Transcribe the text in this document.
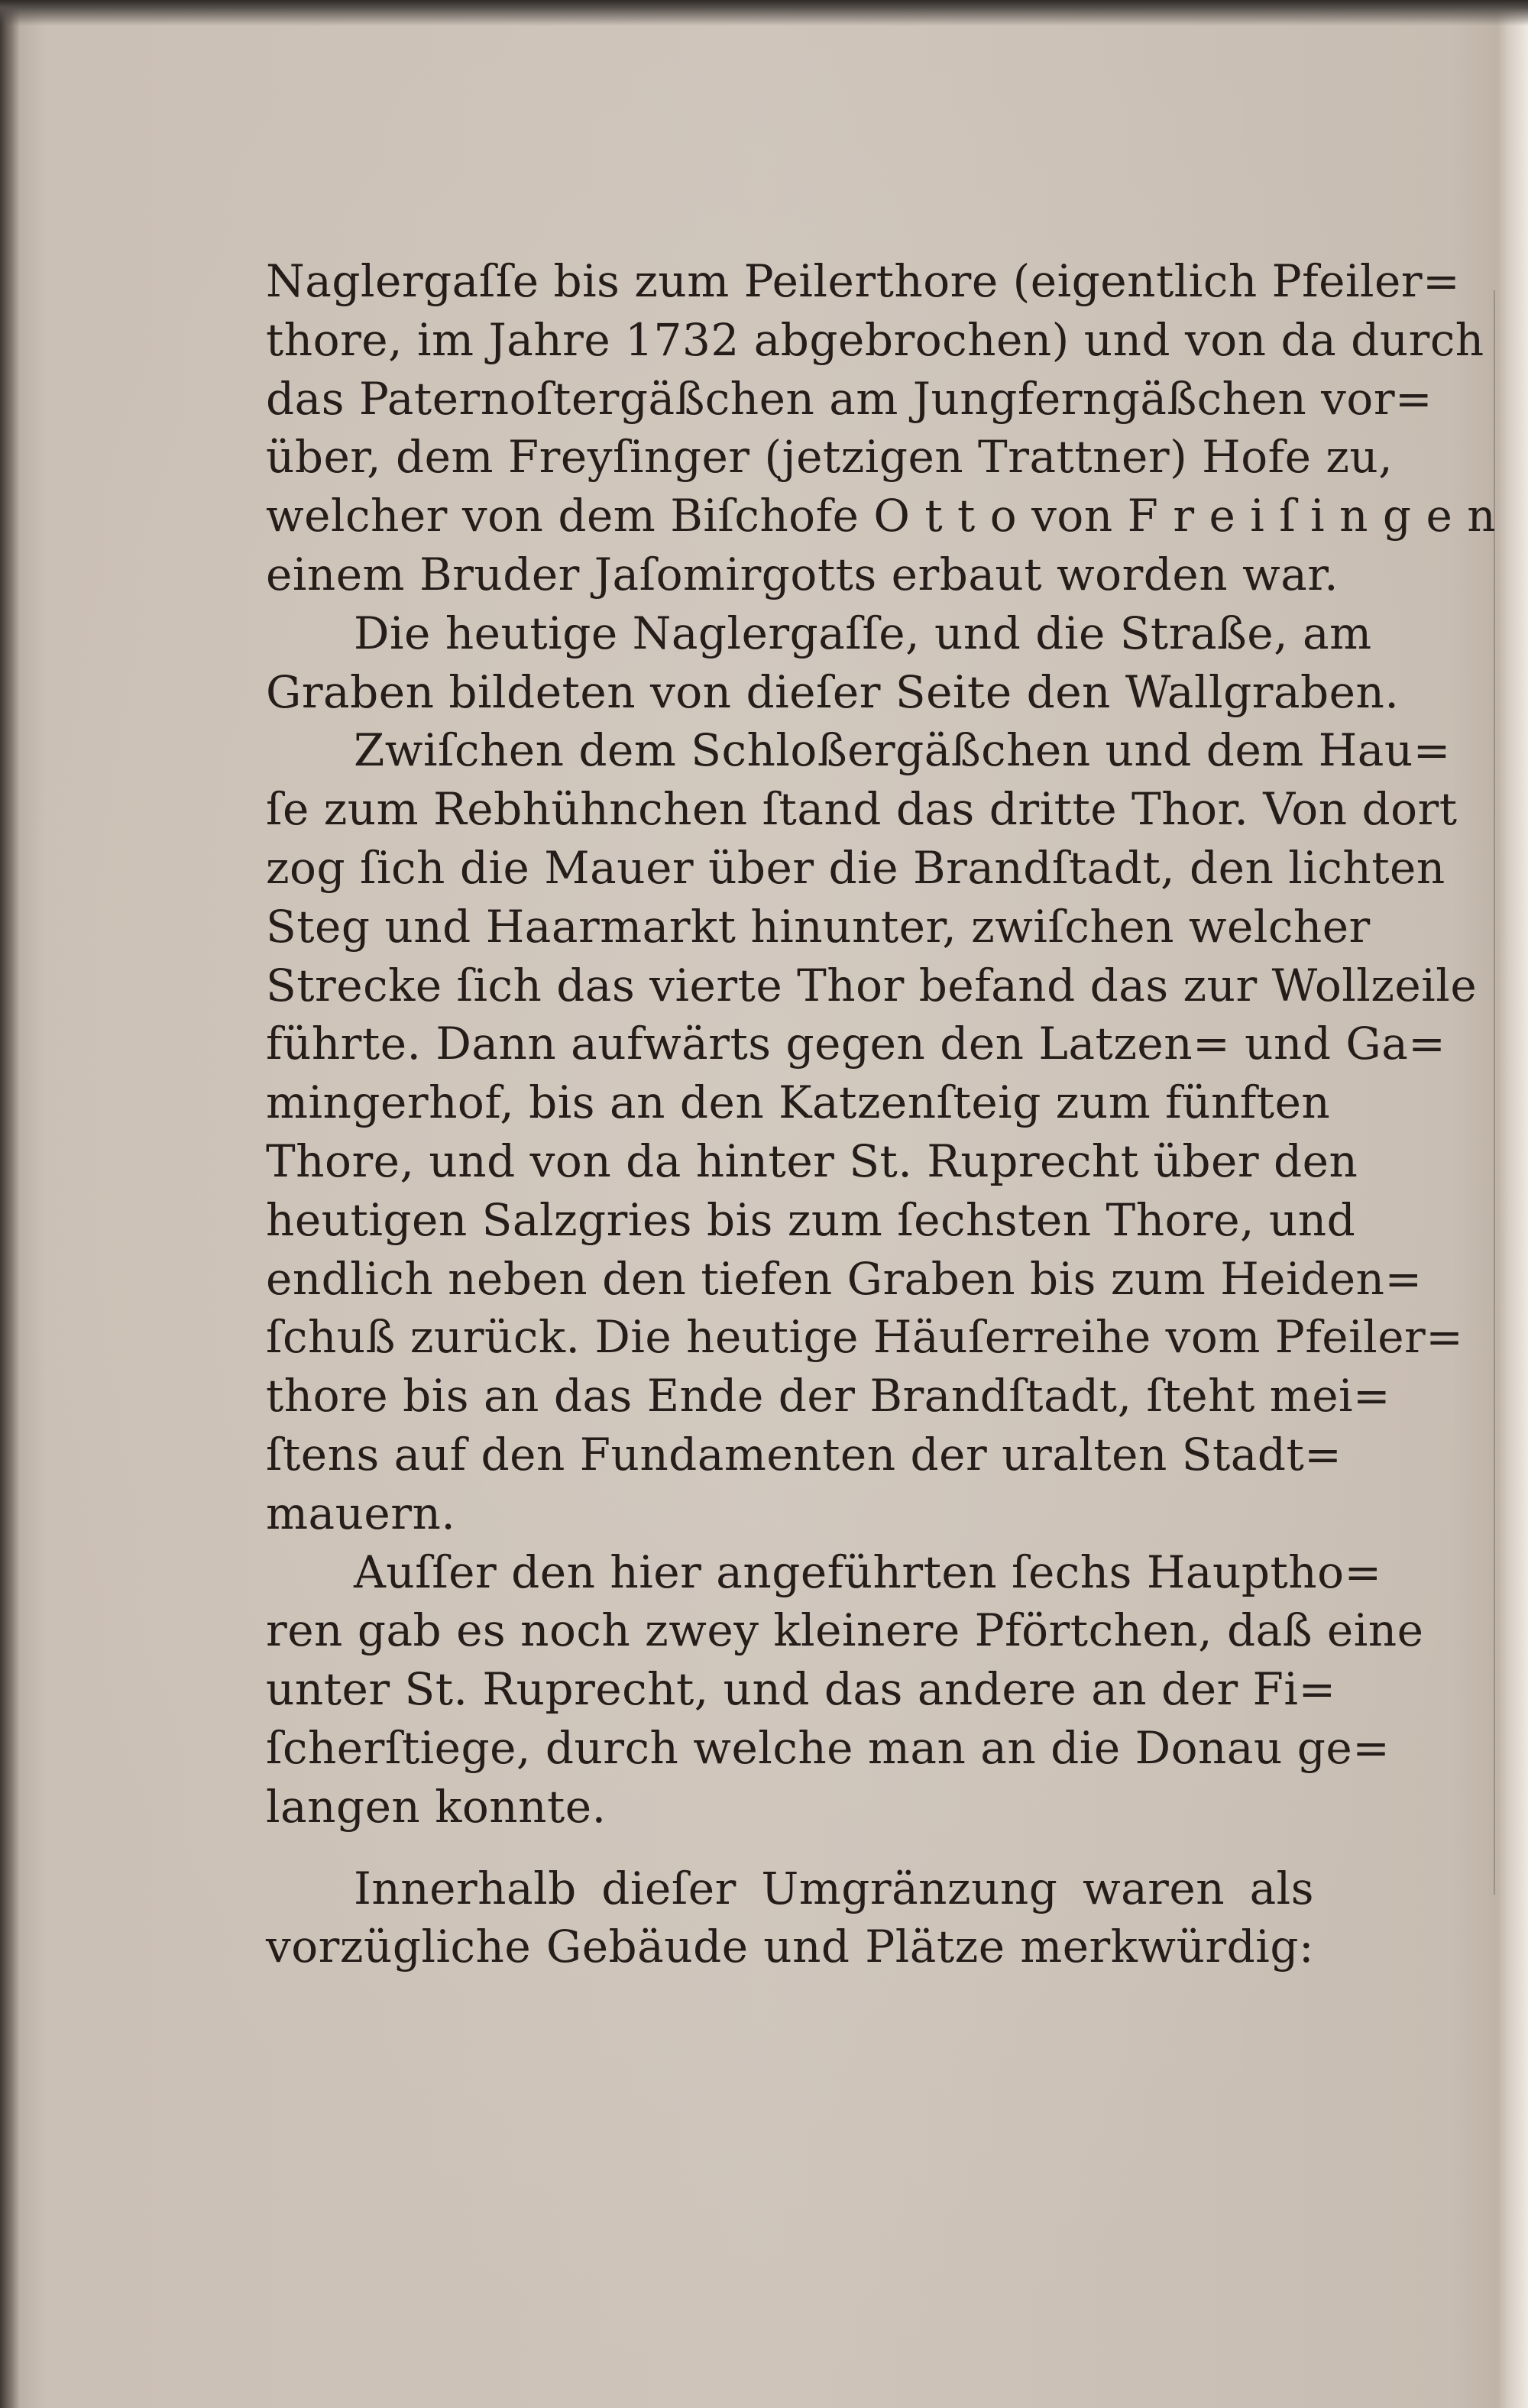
Naglergaſſe bis zum Peilerthore (eigentlich Pfeiler=
thore, im Jahre 1732 abgebrochen) und von da durch
das Paternoſtergäßchen am Jungferngäßchen vor=
über, dem Freyſinger (jetzigen Trattner) Hofe zu,
welcher von dem Biſchofe O t t o von F r e i ſ i n g e n
einem Bruder Jaſomirgotts erbaut worden war.
Die heutige Naglergaſſe, und die Straße, am
Graben bildeten von dieſer Seite den Wallgraben.
Zwiſchen dem Schloßergäßchen und dem Hau=
ſe zum Rebhühnchen ſtand das dritte Thor. Von dort
zog ſich die Mauer über die Brandſtadt, den lichten
Steg und Haarmarkt hinunter, zwiſchen welcher
Strecke ſich das vierte Thor befand das zur Wollzeile
führte. Dann aufwärts gegen den Latzen= und Ga=
mingerhof, bis an den Katzenſteig zum fünften
Thore, und von da hinter St. Ruprecht über den
heutigen Salzgries bis zum ſechsten Thore, und
endlich neben den tiefen Graben bis zum Heiden=
ſchuß zurück. Die heutige Häuſerreihe vom Pfeiler=
thore bis an das Ende der Brandſtadt, ſteht mei=
ſtens auf den Fundamenten der uralten Stadt=
mauern.
Auſſer den hier angeführten ſechs Hauptho=
ren gab es noch zwey kleinere Pförtchen, daß eine
unter St. Ruprecht, und das andere an der Fi=
ſcherſtiege, durch welche man an die Donau ge=
langen konnte.
Innerhalb dieſer Umgränzung waren als
vorzügliche Gebäude und Plätze merkwürdig:
